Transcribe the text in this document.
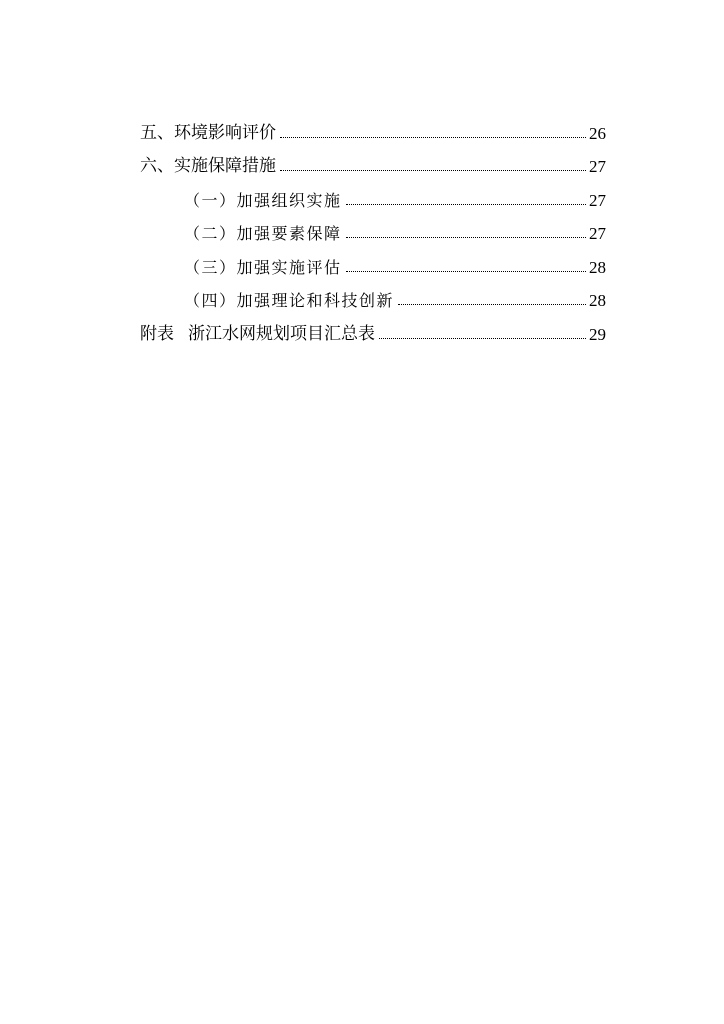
五、环境影响评价	26
六、实施保障措施	27
（一）加强组织实施	27
（二）加强要素保障	27
（三）加强实施评估	28
（四）加强理论和科技创新	28
附表 浙江水网规划项目汇总表	29
